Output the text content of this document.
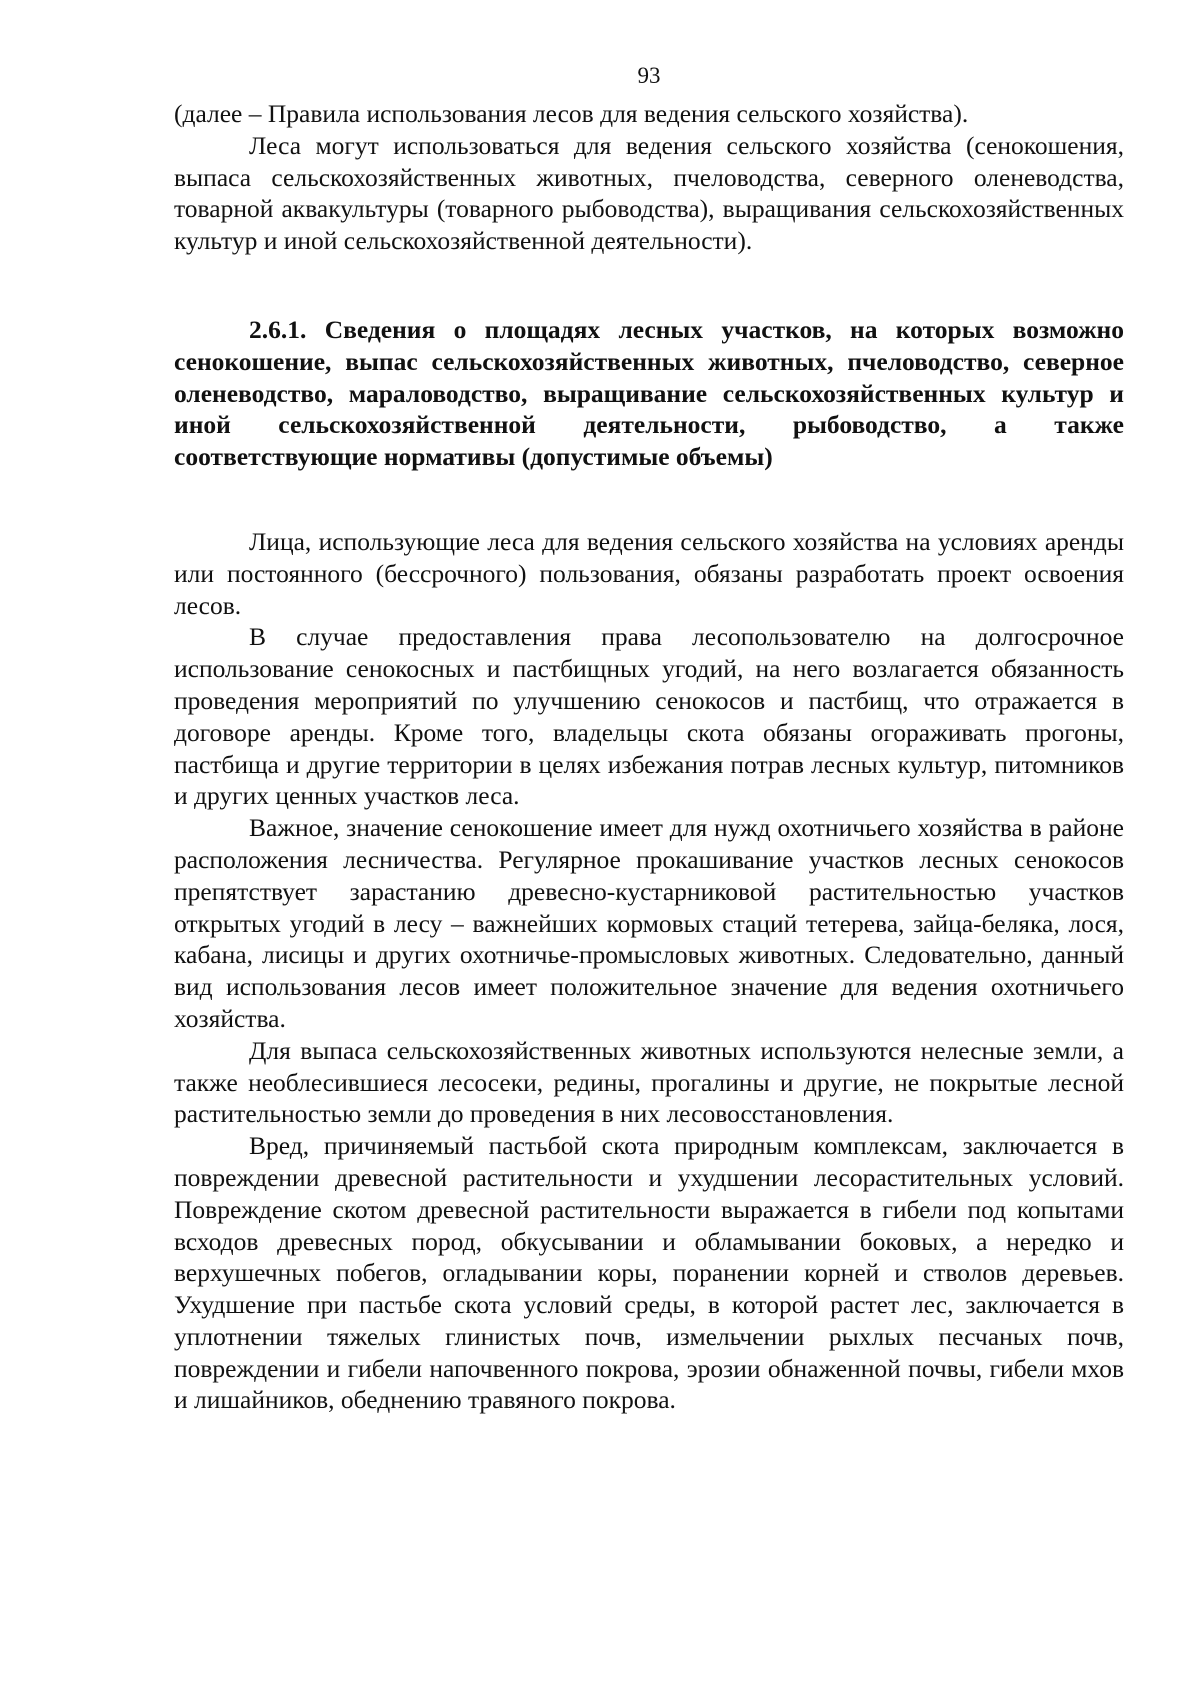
93

(далее – Правила использования лесов для ведения сельского хозяйства).

Леса могут использоваться для ведения сельского хозяйства (сенокошения, выпаса сельскохозяйственных животных, пчеловодства, северного оленеводства, товарной аквакультуры (товарного рыбоводства), выращивания сельскохозяйственных культур и иной сельскохозяйственной деятельности).

2.6.1. Сведения о площадях лесных участков, на которых возможно сенокошение, выпас сельскохозяйственных животных, пчеловодство, северное оленеводство, мараловодство, выращивание сельскохозяйственных культур и иной сельскохозяйственной деятельности, рыбоводство, а также соответствующие нормативы (допустимые объемы)

Лица, использующие леса для ведения сельского хозяйства на условиях аренды или постоянного (бессрочного) пользования, обязаны разработать проект освоения лесов.

В случае предоставления права лесопользователю на долгосрочное использование сенокосных и пастбищных угодий, на него возлагается обязанность проведения мероприятий по улучшению сенокосов и пастбищ, что отражается в договоре аренды. Кроме того, владельцы скота обязаны огораживать прогоны, пастбища и другие территории в целях избежания потрав лесных культур, питомников и других ценных участков леса.

Важное, значение сенокошение имеет для нужд охотничьего хозяйства в районе расположения лесничества. Регулярное прокашивание участков лесных сенокосов препятствует зарастанию древесно-кустарниковой растительностью участков открытых угодий в лесу – важнейших кормовых стаций тетерева, зайца-беляка, лося, кабана, лисицы и других охотничье-промысловых животных. Следовательно, данный вид использования лесов имеет положительное значение для ведения охотничьего хозяйства.

Для выпаса сельскохозяйственных животных используются нелесные земли, а также необлесившиеся лесосеки, редины, прогалины и другие, не покрытые лесной растительностью земли до проведения в них лесовосстановления.

Вред, причиняемый пастьбой скота природным комплексам, заключается в повреждении древесной растительности и ухудшении лесорастительных условий. Повреждение скотом древесной растительности выражается в гибели под копытами всходов древесных пород, обкусывании и обламывании боковых, а нередко и верхушечных побегов, огладывании коры, поранении корней и стволов деревьев. Ухудшение при пастьбе скота условий среды, в которой растет лес, заключается в уплотнении тяжелых глинистых почв, измельчении рыхлых песчаных почв, повреждении и гибели напочвенного покрова, эрозии обнаженной почвы, гибели мхов и лишайников, обеднению травяного покрова.
